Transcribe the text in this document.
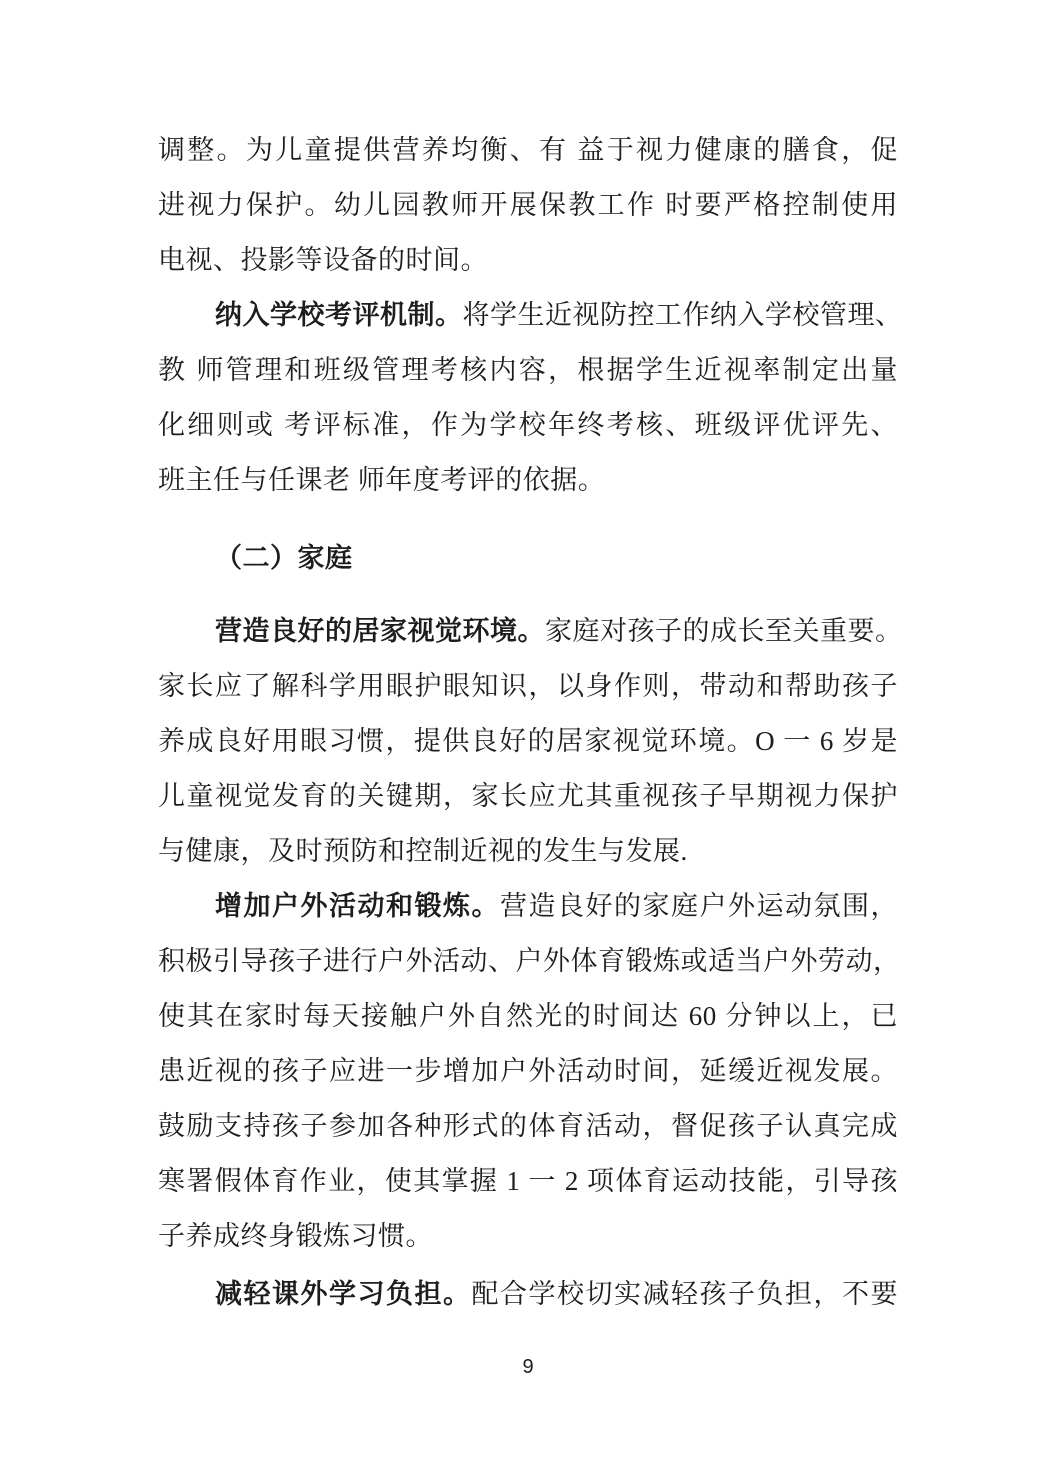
调整。为儿童提供营养均衡、有 益于视力健康的膳食，促
进视力保护。幼儿园教师开展保教工作 时要严格控制使用
电视、投影等设备的时间。
纳入学校考评机制。将学生近视防控工作纳入学校管理、
教 师管理和班级管理考核内容，根据学生近视率制定出量
化细则或 考评标准，作为学校年终考核、班级评优评先、
班主任与任课老 师年度考评的依据。
（二）家庭
营造良好的居家视觉环境。家庭对孩子的成长至关重要。
家长应了解科学用眼护眼知识，以身作则，带动和帮助孩子
养成良好用眼习惯，提供良好的居家视觉环境。O 一 6 岁是
儿童视觉发育的关键期，家长应尤其重视孩子早期视力保护
与健康，及时预防和控制近视的发生与发展.
增加户外活动和锻炼。营造良好的家庭户外运动氛围，
积极引导孩子进行户外活动、户外体育锻炼或适当户外劳动，
使其在家时每天接触户外自然光的时间达 60 分钟以上，已
患近视的孩子应进一步增加户外活动时间，延缓近视发展。
鼓励支持孩子参加各种形式的体育活动，督促孩子认真完成
寒署假体育作业，使其掌握 1 一 2 项体育运动技能，引导孩
子养成终身锻炼习惯。
减轻课外学习负担。配合学校切实减轻孩子负担，不要
9
